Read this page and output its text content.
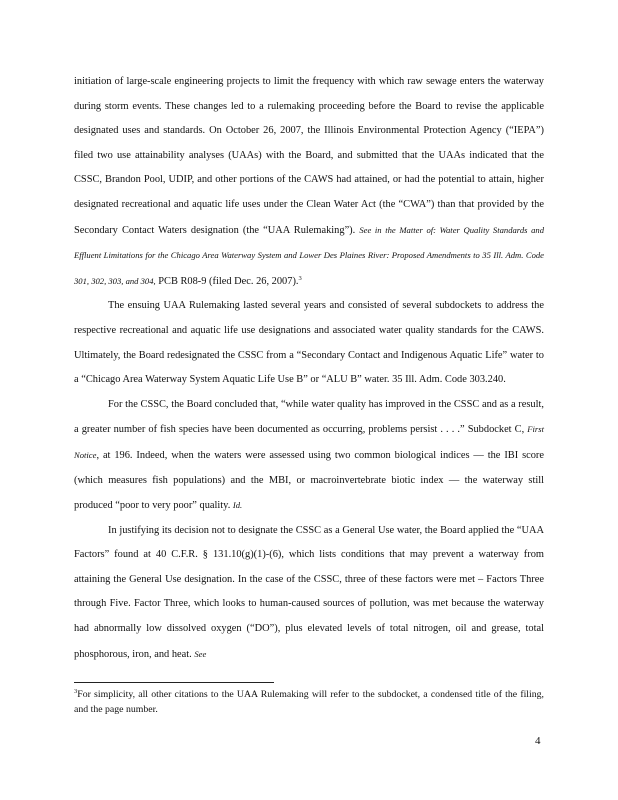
initiation of large-scale engineering projects to limit the frequency with which raw sewage enters the waterway during storm events. These changes led to a rulemaking proceeding before the Board to revise the applicable designated uses and standards. On October 26, 2007, the Illinois Environmental Protection Agency (“IEPA”) filed two use attainability analyses (UAAs) with the Board, and submitted that the UAAs indicated that the CSSC, Brandon Pool, UDIP, and other portions of the CAWS had attained, or had the potential to attain, higher designated recreational and aquatic life uses under the Clean Water Act (the “CWA”) than that provided by the Secondary Contact Waters designation (the “UAA Rulemaking”). See in the Matter of: Water Quality Standards and Effluent Limitations for the Chicago Area Waterway System and Lower Des Plaines River: Proposed Amendments to 35 Ill. Adm. Code 301, 302, 303, and 304, PCB R08-9 (filed Dec. 26, 2007).$^3$

The ensuing UAA Rulemaking lasted several years and consisted of several subdockets to address the respective recreational and aquatic life use designations and associated water quality standards for the CAWS. Ultimately, the Board redesignated the CSSC from a “Secondary Contact and Indigenous Aquatic Life” water to a “Chicago Area Waterway System Aquatic Life Use B” or “ALU B” water. 35 Ill. Adm. Code 303.240.

For the CSSC, the Board concluded that, “while water quality has improved in the CSSC and as a result, a greater number of fish species have been documented as occurring, problems persist . . . .” Subdocket C, First Notice, at 196. Indeed, when the waters were assessed using two common biological indices — the IBI score (which measures fish populations) and the MBI, or macroinvertebrate biotic index — the waterway still produced “poor to very poor” quality. Id.

In justifying its decision not to designate the CSSC as a General Use water, the Board applied the “UAA Factors” found at 40 C.F.R. § 131.10(g)(1)-(6), which lists conditions that may prevent a waterway from attaining the General Use designation. In the case of the CSSC, three of these factors were met – Factors Three through Five. Factor Three, which looks to human-caused sources of pollution, was met because the waterway had abnormally low dissolved oxygen (“DO”), plus elevated levels of total nitrogen, oil and grease, total phosphorous, iron, and heat. See

$^3$For simplicity, all other citations to the UAA Rulemaking will refer to the subdocket, a condensed title of the filing, and the page number.
4
